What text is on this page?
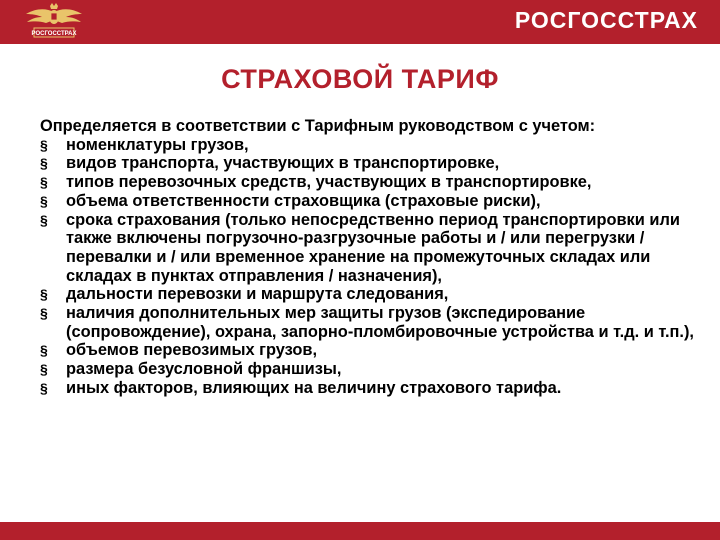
РОСГОССТРАХ
РОСГОССТРАХ
СТРАХОВОЙ ТАРИФ
Определяется в соответствии с Тарифным руководством с учетом:
§	номенклатуры грузов,
§	видов транспорта, участвующих в транспортировке,
§	типов перевозочных средств, участвующих в транспортировке,
§	объема ответственности страховщика (страховые риски),
§	срока страхования (только непосредственно период транспортировки или также включены погрузочно-разгрузочные работы и / или перегрузки / перевалки и / или временное хранение на промежуточных складах или складах в пунктах отправления / назначения),
§	дальности перевозки и маршрута следования,
§	наличия дополнительных мер защиты грузов (экспедирование (сопровождение), охрана, запорно-пломбировочные устройства и т.д. и т.п.),
§	объемов перевозимых грузов,
§	размера безусловной франшизы,
§	иных факторов, влияющих на величину страхового тарифа.
